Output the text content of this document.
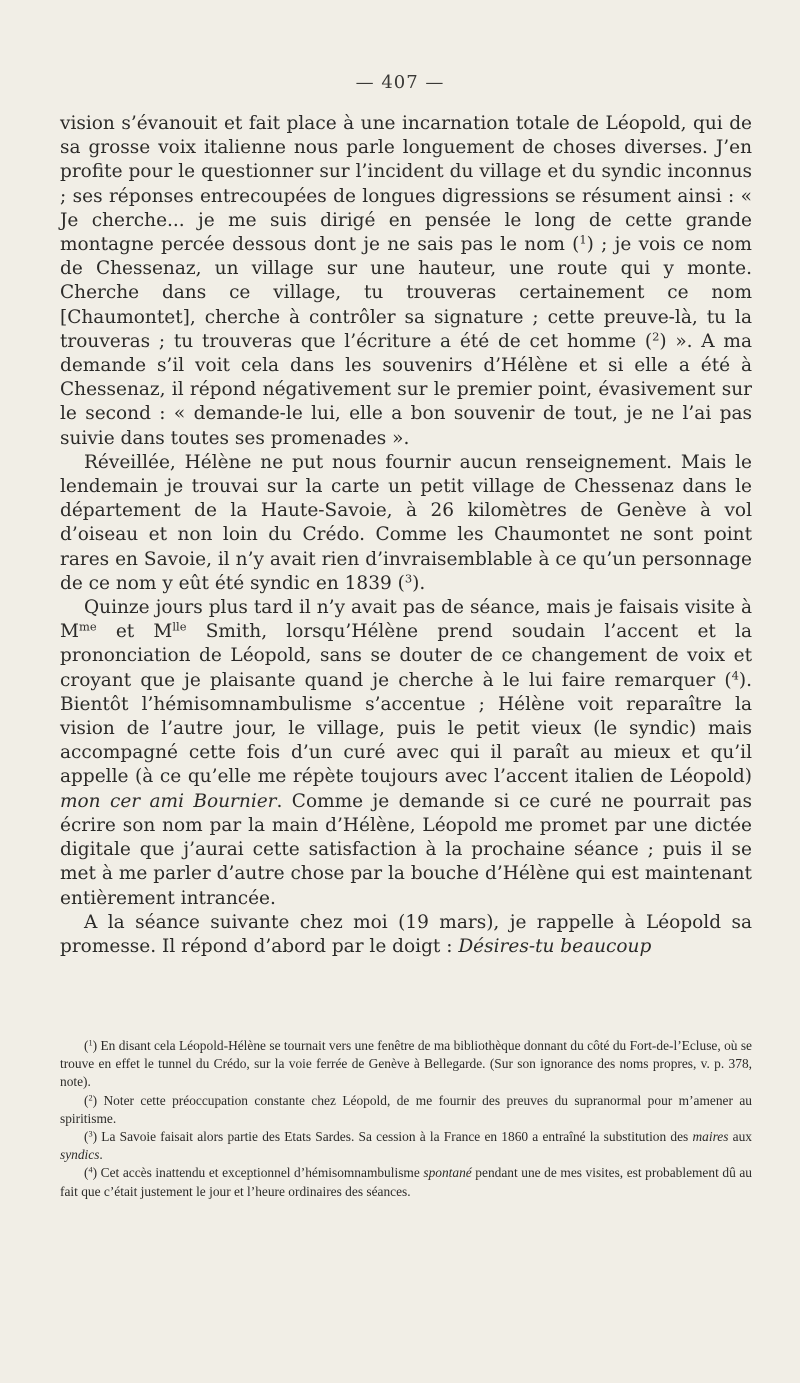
— 407 —

vision s’évanouit et fait place à une incarnation totale de Léopold, qui de sa grosse voix italienne nous parle longuement de choses diverses. J’en profite pour le questionner sur l’incident du village et du syndic inconnus ; ses réponses entrecoupées de longues digressions se résument ainsi : « Je cherche... je me suis dirigé en pensée le long de cette grande montagne percée dessous dont je ne sais pas le nom ($^1$) ; je vois ce nom de Chessenaz, un village sur une hauteur, une route qui y monte. Cherche dans ce village, tu trouveras certainement ce nom [Chaumontet], cherche à contrôler sa signature ; cette preuve-là, tu la trouveras ; tu trouveras que l’écriture a été de cet homme ($^2$) ». A ma demande s’il voit cela dans les souvenirs d’Hélène et si elle a été à Chessenaz, il répond négativement sur le premier point, évasivement sur le second : « demande-le lui, elle a bon souvenir de tout, je ne l’ai pas suivie dans toutes ses promenades ».

Réveillée, Hélène ne put nous fournir aucun renseignement. Mais le lendemain je trouvai sur la carte un petit village de Chessenaz dans le département de la Haute-Savoie, à 26 kilomètres de Genève à vol d’oiseau et non loin du Crédo. Comme les Chaumontet ne sont point rares en Savoie, il n’y avait rien d’invraisemblable à ce qu’un personnage de ce nom y eût été syndic en 1839 ($^3$).

Quinze jours plus tard il n’y avait pas de séance, mais je faisais visite à $M^{me}$ et $M^{lle}$ Smith, lorsqu’Hélène prend soudain l’accent et la prononciation de Léopold, sans se douter de ce changement de voix et croyant que je plaisante quand je cherche à le lui faire remarquer ($^4$). Bientôt l’hémisomnambulisme s’accentue ; Hélène voit reparaître la vision de l’autre jour, le village, puis le petit vieux (le syndic) mais accompagné cette fois d’un curé avec qui il paraît au mieux et qu’il appelle (à ce qu’elle me répète toujours avec l’accent italien de Léopold) mon cer ami Bournier. Comme je demande si ce curé ne pourrait pas écrire son nom par la main d’Hélène, Léopold me promet par une dictée digitale que j’aurai cette satisfaction à la prochaine séance ; puis il se met à me parler d’autre chose par la bouche d’Hélène qui est maintenant entièrement intrancée.

A la séance suivante chez moi (19 mars), je rappelle à Léopold sa promesse. Il répond d’abord par le doigt : Désires-tu beaucoup

($^1$) En disant cela Léopold-Hélène se tournait vers une fenêtre de ma bibliothèque donnant du côté du Fort-de-l’Ecluse, où se trouve en effet le tunnel du Crédo, sur la voie ferrée de Genève à Bellegarde. (Sur son ignorance des noms propres, v. p. 378, note).

($^2$) Noter cette préoccupation constante chez Léopold, de me fournir des preuves du supranormal pour m’amener au spiritisme.

($^3$) La Savoie faisait alors partie des Etats Sardes. Sa cession à la France en 1860 a entraîné la substitution des maires aux syndics.

($^4$) Cet accès inattendu et exceptionnel d’hémisomnambulisme spontané pendant une de mes visites, est probablement dû au fait que c’était justement le jour et l’heure ordinaires des séances.
